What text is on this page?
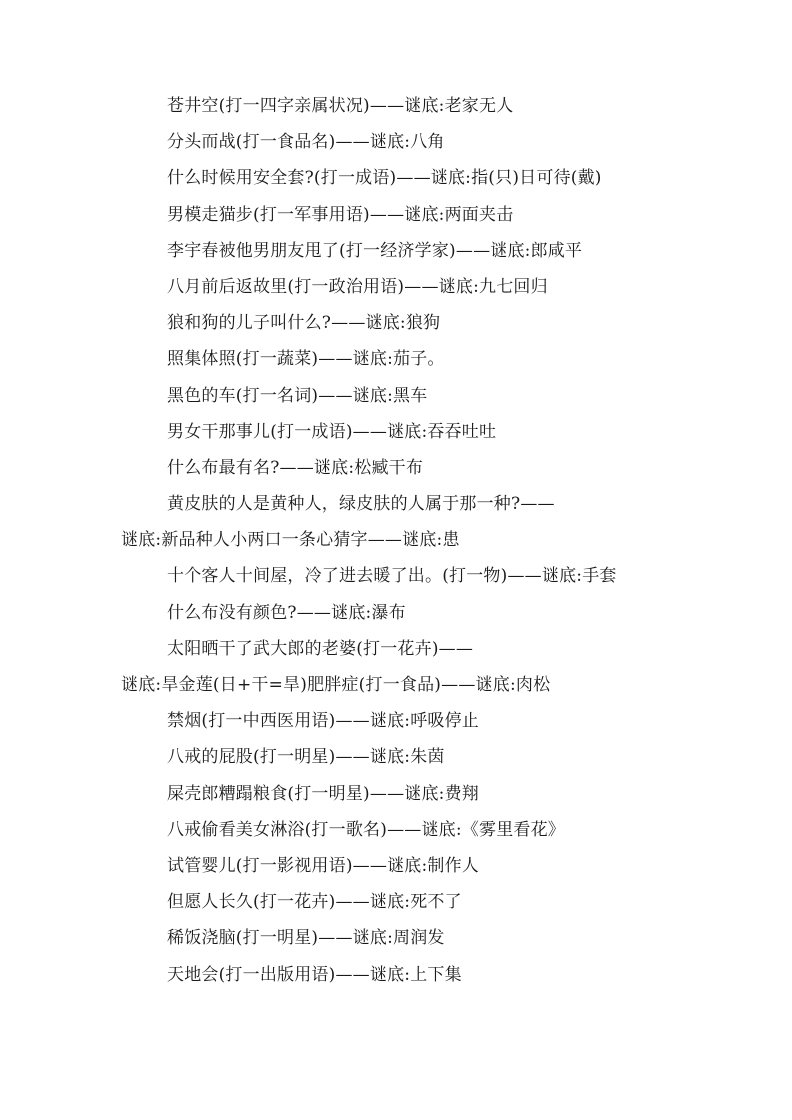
苍井空(打一四字亲属状况)——谜底:老家无人
分头而战(打一食品名)——谜底:八角
什么时候用安全套?(打一成语)——谜底:指(只)日可待(戴)
男模走猫步(打一军事用语)——谜底:两面夹击
李宇春被他男朋友甩了(打一经济学家)——谜底:郎咸平
八月前后返故里(打一政治用语)——谜底:九七回归
狼和狗的儿子叫什么?——谜底:狼狗
照集体照(打一蔬菜)——谜底:茄子。
黑色的车(打一名词)——谜底:黑车
男女干那事儿(打一成语)——谜底:吞吞吐吐
什么布最有名?——谜底:松臧干布
黄皮肤的人是黄种人，绿皮肤的人属于那一种?——
谜底:新品种人小两口一条心猜字——谜底:患
十个客人十间屋，冷了进去暖了出。(打一物)——谜底:手套
什么布没有颜色?——谜底:瀑布
太阳晒干了武大郎的老婆(打一花卉)——
谜底:旱金莲(日+干=旱)肥胖症(打一食品)——谜底:肉松
禁烟(打一中西医用语)——谜底:呼吸停止
八戒的屁股(打一明星)——谜底:朱茵
屎壳郎糟蹋粮食(打一明星)——谜底:费翔
八戒偷看美女淋浴(打一歌名)——谜底:《雾里看花》
试管婴儿(打一影视用语)——谜底:制作人
但愿人长久(打一花卉)——谜底:死不了
稀饭浇脑(打一明星)——谜底:周润发
天地会(打一出版用语)——谜底:上下集
